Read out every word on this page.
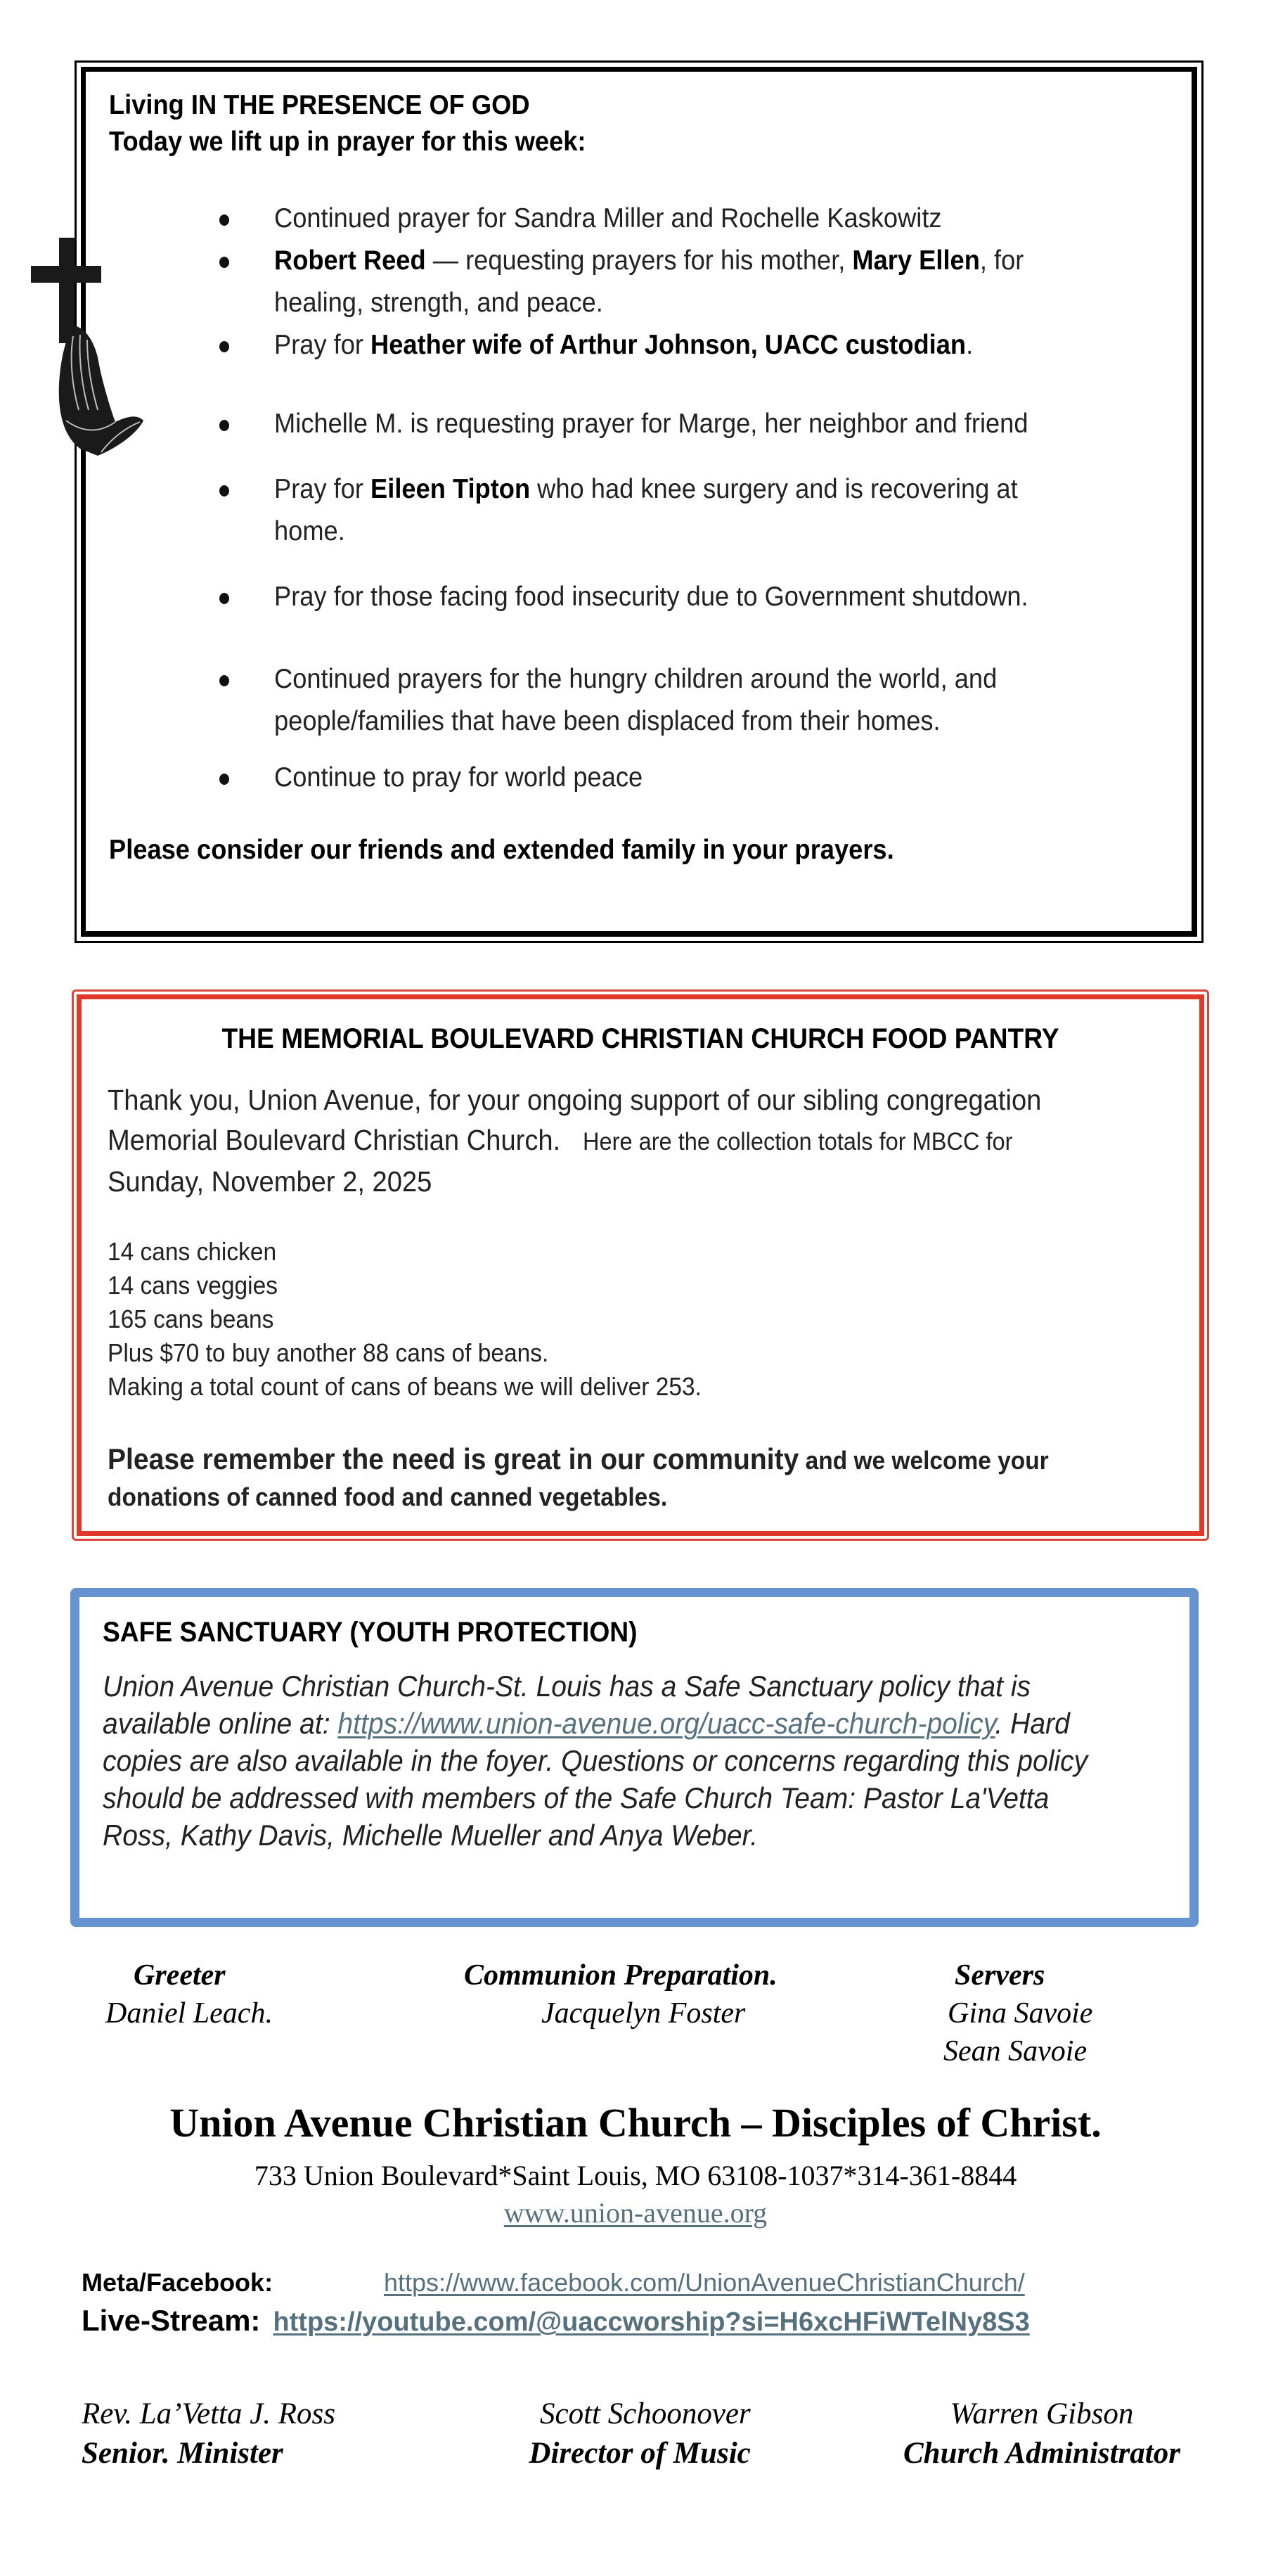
Living IN THE PRESENCE OF GOD
Today we lift up in prayer for this week:
Continued prayer for Sandra Miller and Rochelle Kaskowitz
Robert Reed — requesting prayers for his mother, Mary Ellen, for healing, strength, and peace.
Pray for Heather wife of Arthur Johnson, UACC custodian.
Michelle M. is requesting prayer for Marge, her neighbor and friend
Pray for Eileen Tipton who had knee surgery and is recovering at home.
Pray for those facing food insecurity due to Government shutdown.
Continued prayers for the hungry children around the world, and people/families that have been displaced from their homes.
Continue to pray for world peace
Please consider our friends and extended family in your prayers.
THE MEMORIAL BOULEVARD CHRISTIAN CHURCH FOOD PANTRY

Thank you, Union Avenue, for your ongoing support of our sibling congregation Memorial Boulevard Christian Church. Here are the collection totals for MBCC for Sunday, November 2, 2025

14 cans chicken
14 cans veggies
165 cans beans
Plus $70 to buy another 88 cans of beans.
Making a total count of cans of beans we will deliver 253.

Please remember the need is great in our community and we welcome your donations of canned food and canned vegetables.

SAFE SANCTUARY (YOUTH PROTECTION)

Union Avenue Christian Church-St. Louis has a Safe Sanctuary policy that is available online at: https://www.union-avenue.org/uacc-safe-church-policy. Hard copies are also available in the foyer. Questions or concerns regarding this policy should be addressed with members of the Safe Church Team: Pastor La'Vetta Ross, Kathy Davis, Michelle Mueller and Anya Weber.

Greeter
Daniel Leach.
Communion Preparation.
Jacquelyn Foster
Servers
Gina Savoie
Sean Savoie
Union Avenue Christian Church – Disciples of Christ.
733 Union Boulevard*Saint Louis, MO 63108-1037*314-361-8844
www.union-avenue.org
Meta/Facebook:	https://www.facebook.com/UnionAvenueChristianChurch/
Live-Stream: https://youtube.com/@uaccworship?si=H6xcHFiWTelNy8S3
Rev. La’Vetta J. Ross
Senior. Minister
Scott Schoonover
Director of Music
Warren Gibson
Church Administrator
